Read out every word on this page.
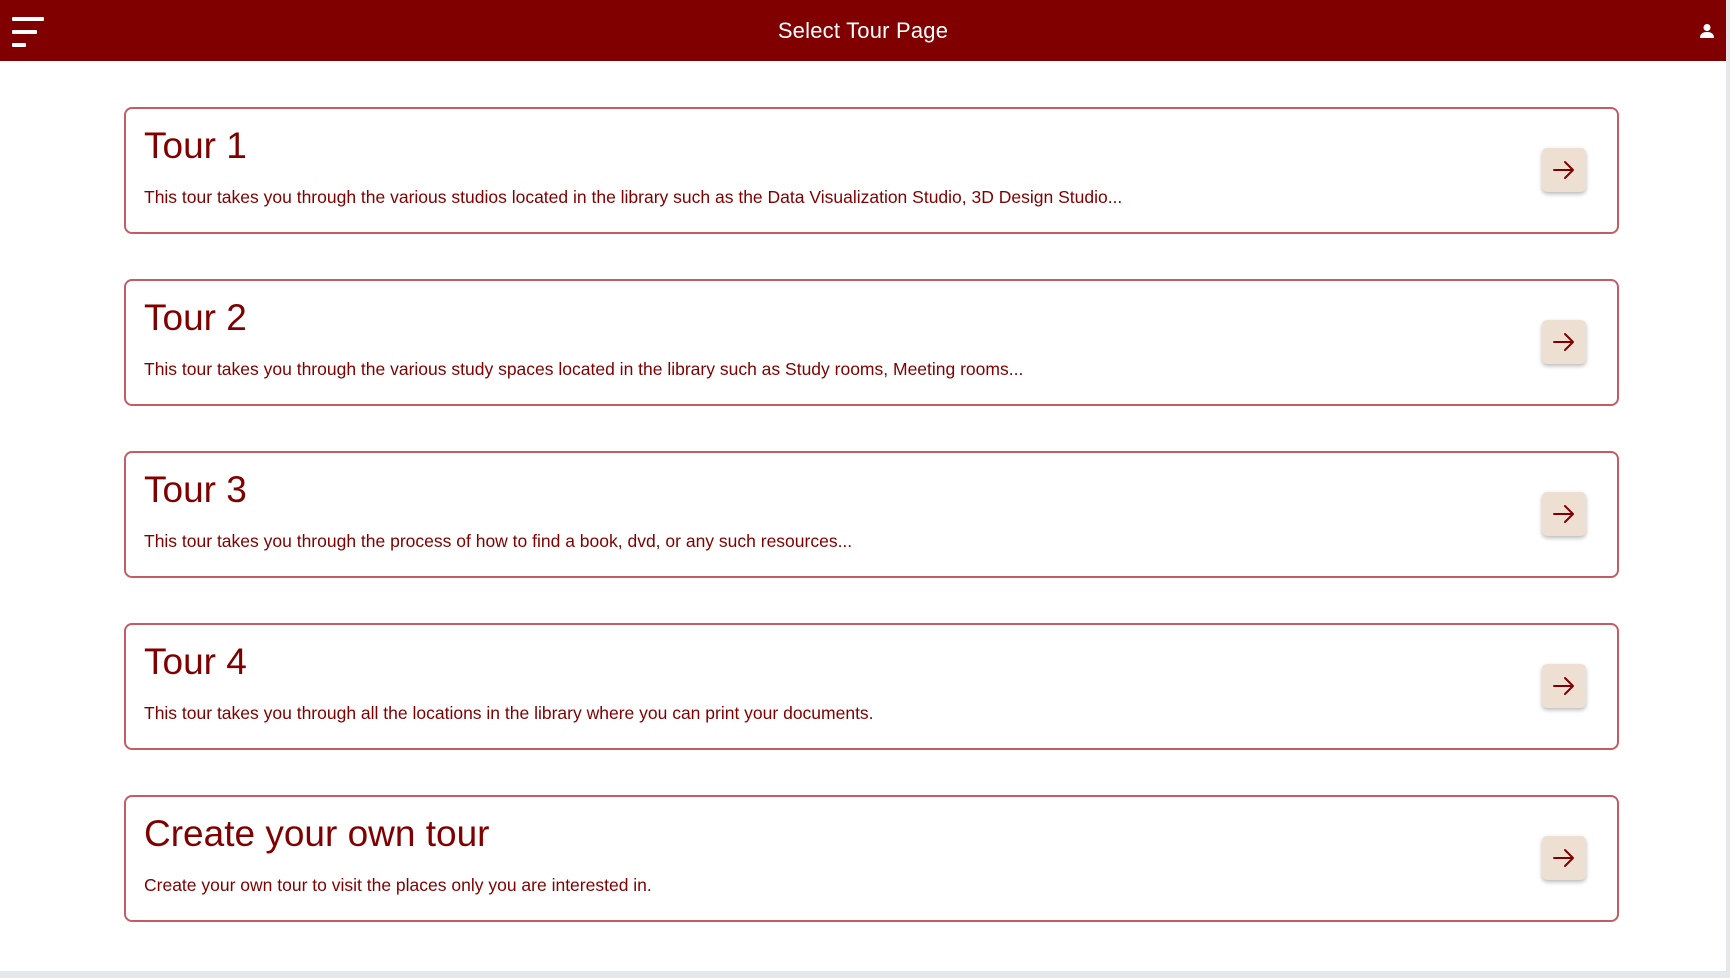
Select Tour Page
Tour 1
This tour takes you through the various studios located in the library such as the Data Visualization Studio, 3D Design Studio...
Tour 2
This tour takes you through the various study spaces located in the library such as Study rooms, Meeting rooms...
Tour 3
This tour takes you through the process of how to find a book, dvd, or any such resources...
Tour 4
This tour takes you through all the locations in the library where you can print your documents.
Create your own tour
Create your own tour to visit the places only you are interested in.
